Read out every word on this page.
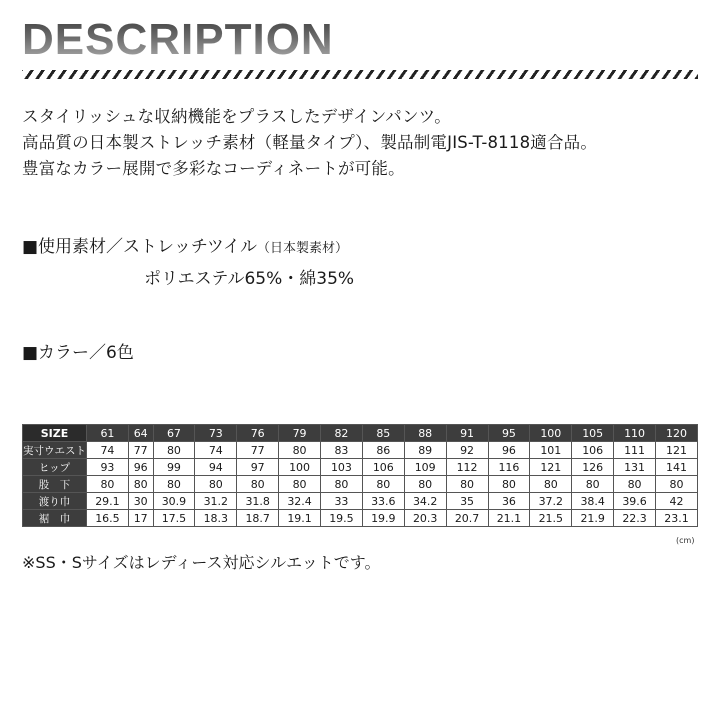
DESCRIPTION
スタイリッシュな収納機能をプラスしたデザインパンツ。
高品質の日本製ストレッチ素材（軽量タイプ）、製品制電JIS-T-8118適合品。
豊富なカラー展開で多彩なコーディネートが可能。
■使用素材／ストレッチツイル（日本製素材）
ポリエステル65%・綿35%
■カラー／6色
SIZE	61	64	67	73	76	79	82	85	88	91	95	100	105	110	120
実寸ウエスト	74	77	80	74	77	80	83	86	89	92	96	101	106	111	121
ヒップ	93	96	99	94	97	100	103	106	109	112	116	121	126	131	141
股　下	80	80	80	80	80	80	80	80	80	80	80	80	80	80	80
渡り巾	29.1	30	30.9	31.2	31.8	32.4	33	33.6	34.2	35	36	37.2	38.4	39.6	42
裾　巾	16.5	17	17.5	18.3	18.7	19.1	19.5	19.9	20.3	20.7	21.1	21.5	21.9	22.3	23.1
(cm)
※SS・Sサイズはレディース対応シルエットです。
